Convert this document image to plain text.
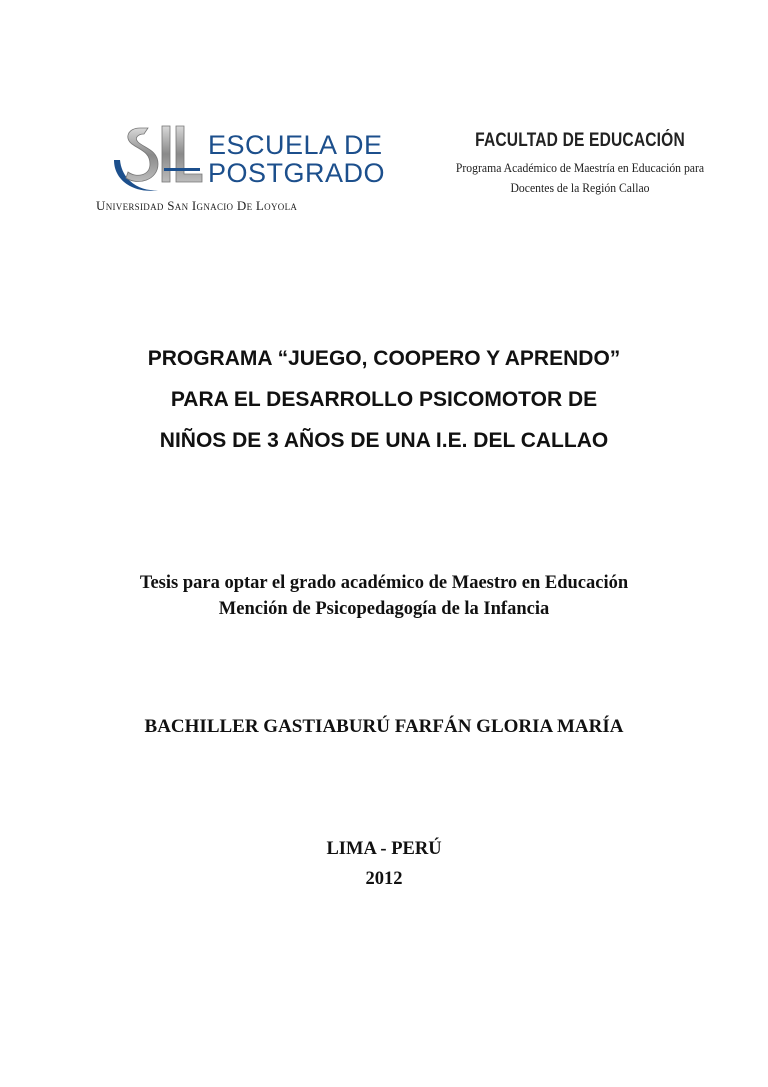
ESCUELA DE
POSTGRADO
Universidad San Ignacio De Loyola
FACULTAD DE EDUCACIÓN
Programa Académico de Maestría en Educación para
Docentes de la Región Callao
PROGRAMA “JUEGO, COOPERO Y APRENDO”
PARA EL DESARROLLO PSICOMOTOR DE
NIÑOS DE 3 AÑOS DE UNA I.E. DEL CALLAO
Tesis para optar el grado académico de Maestro en Educación
Mención de Psicopedagogía de la Infancia
BACHILLER GASTIABURÚ FARFÁN GLORIA MARÍA
LIMA - PERÚ
2012
